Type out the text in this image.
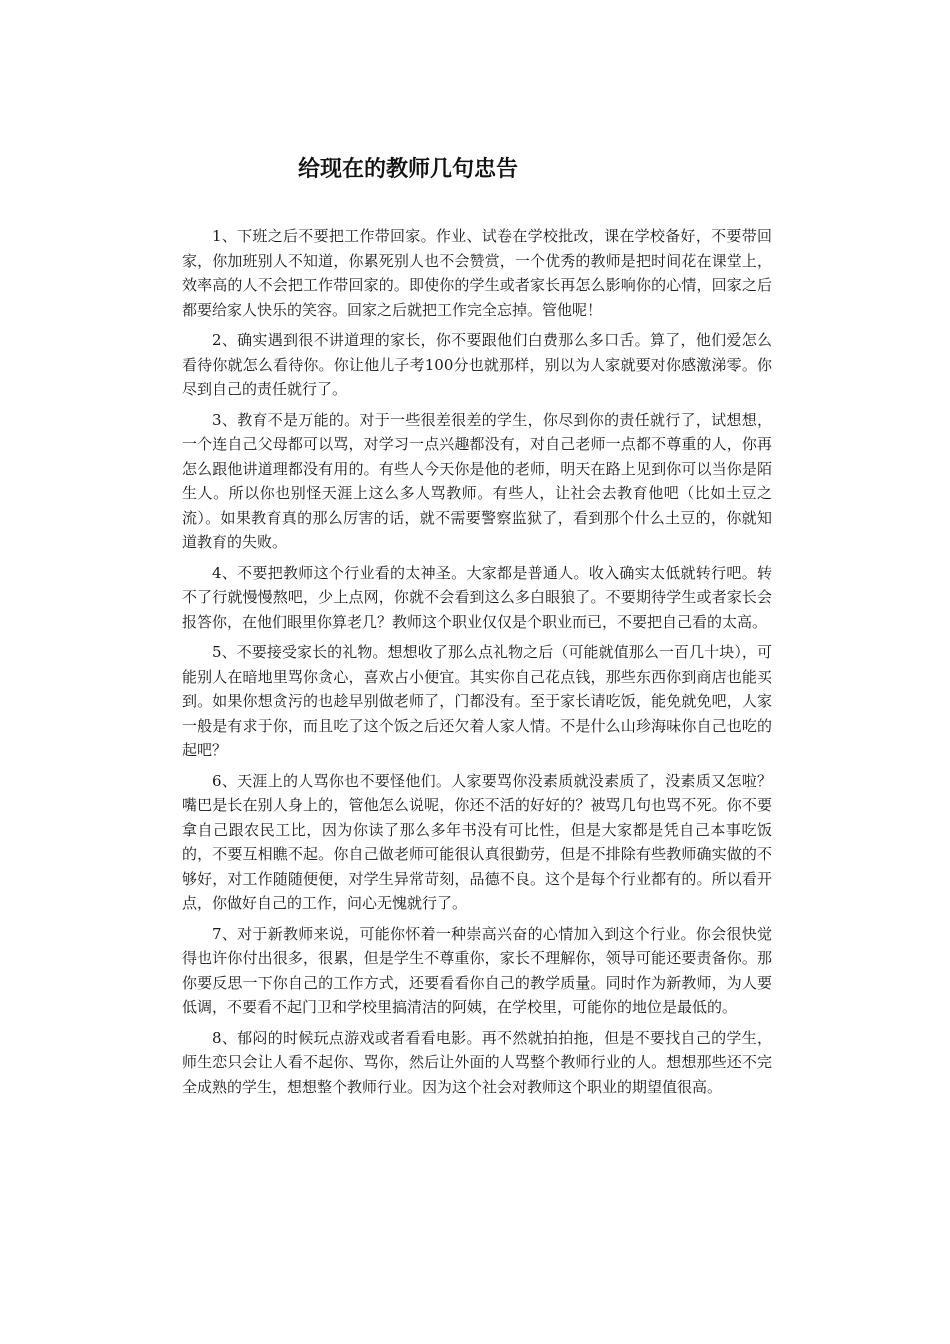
给现在的教师几句忠告

1、下班之后不要把工作带回家。作业、试卷在学校批改，课在学校备好，不要带回家，你加班别人不知道，你累死别人也不会赞赏，一个优秀的教师是把时间花在课堂上，效率高的人不会把工作带回家的。即使你的学生或者家长再怎么影响你的心情，回家之后都要给家人快乐的笑容。回家之后就把工作完全忘掉。管他呢！

2、确实遇到很不讲道理的家长，你不要跟他们白费那么多口舌。算了，他们爱怎么看待你就怎么看待你。你让他儿子考100分也就那样，别以为人家就要对你感激涕零。你尽到自己的责任就行了。

3、教育不是万能的。对于一些很差很差的学生，你尽到你的责任就行了，试想想，一个连自己父母都可以骂，对学习一点兴趣都没有，对自己老师一点都不尊重的人，你再怎么跟他讲道理都没有用的。有些人今天你是他的老师，明天在路上见到你可以当你是陌生人。所以你也别怪天涯上这么多人骂教师。有些人，让社会去教育他吧（比如土豆之流）。如果教育真的那么厉害的话，就不需要警察监狱了，看到那个什么土豆的，你就知道教育的失败。

4、不要把教师这个行业看的太神圣。大家都是普通人。收入确实太低就转行吧。转不了行就慢慢熬吧，少上点网，你就不会看到这么多白眼狼了。不要期待学生或者家长会报答你，在他们眼里你算老几？教师这个职业仅仅是个职业而已，不要把自己看的太高。

5、不要接受家长的礼物。想想收了那么点礼物之后（可能就值那么一百几十块），可能别人在暗地里骂你贪心，喜欢占小便宜。其实你自己花点钱，那些东西你到商店也能买到。如果你想贪污的也趁早别做老师了，门都没有。至于家长请吃饭，能免就免吧，人家一般是有求于你，而且吃了这个饭之后还欠着人家人情。不是什么山珍海味你自己也吃的起吧？

6、天涯上的人骂你也不要怪他们。人家要骂你没素质就没素质了，没素质又怎啦？嘴巴是长在别人身上的，管他怎么说呢，你还不活的好好的？被骂几句也骂不死。你不要拿自己跟农民工比，因为你读了那么多年书没有可比性，但是大家都是凭自己本事吃饭的，不要互相瞧不起。你自己做老师可能很认真很勤劳，但是不排除有些教师确实做的不够好，对工作随随便便，对学生异常苛刻，品德不良。这个是每个行业都有的。所以看开点，你做好自己的工作，问心无愧就行了。

7、对于新教师来说，可能你怀着一种崇高兴奋的心情加入到这个行业。你会很快觉得也许你付出很多，很累，但是学生不尊重你，家长不理解你，领导可能还要责备你。那你要反思一下你自己的工作方式，还要看看你自己的教学质量。同时作为新教师，为人要低调，不要看不起门卫和学校里搞清洁的阿姨，在学校里，可能你的地位是最低的。

8、郁闷的时候玩点游戏或者看看电影。再不然就拍拍拖，但是不要找自己的学生，师生恋只会让人看不起你、骂你，然后让外面的人骂整个教师行业的人。想想那些还不完全成熟的学生，想想整个教师行业。因为这个社会对教师这个职业的期望值很高。
